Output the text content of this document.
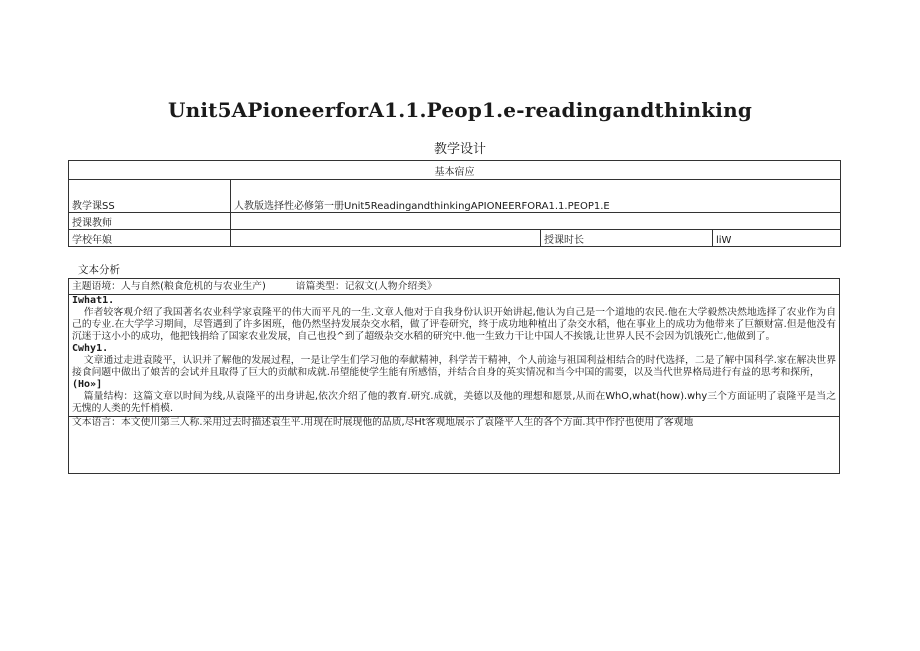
Unit5APioneerforA1.1.Peop1.e-readingandthinking
教学设计
基本宿应			
教学课SS	人教版选择性必修第一册Unit5ReadingandthinkingAPIONEERFORA1.1.PEOP1.E		
授课教师			
学校年娘		授课时长	liW
文本分析

主题语境：人与自然(粮食危机的与农业生产)	谙篇类型：记叙文(人物介绍类》

Iwhat1.

作者较客观介绍了我国著名农业科学家袁隆平的伟大而平凡的一生.文章人他对于自我身份认识开始讲起,他认为自己是一个道地的农民.他在大学毅然决然地选择了农业作为自己的专业.在大学学习期间，尽管遇到了许多困班，他仍然坚持发展杂交水稻，做了评卷研究，终于成功地种植出了杂交水稻，他在事业上的成功为他带来了巨额财富.但是他没有沉迷于这小小的成功，他把钱捐给了国家农业发展，自己也投^到了超级杂交水稻的研究中.他一生致力干让中国人不挨饿,让世界人民不会因为饥饿死亡,他做到了。

Cwhy1.

文章通过走进袁陵平，认识并了解他的发展过程，一是让学生们学习他的奉献精神，科学苦干精神，个人前途与祖国利益相结合的时代选择，二是了解中国科学.家在解决世界接食问题中做出了娘苦的会试并且取得了巨大的贡献和成就.吊望能使学生能有所感悟，并结合自身的英实情况和当今中国的需要，以及当代世界格局进行有益的思考和探所，

(Ho»]

篇量结构：这篇文章以时间为线,从袁隆平的出身讲起,依次介绍了他的教育.研究.成就，美德以及他的理想和愿景,从而在WhO,what(how).why三个方面证明了袁隆平是当之无愧的人类的先忏梢模.

文本语言：本文使川第三人称.采用过去时描述袁生平.用现在时展现他的品质,尽Ht客观地展示了袁隆平人生的各个方面.其中作拧也使用了客观地
